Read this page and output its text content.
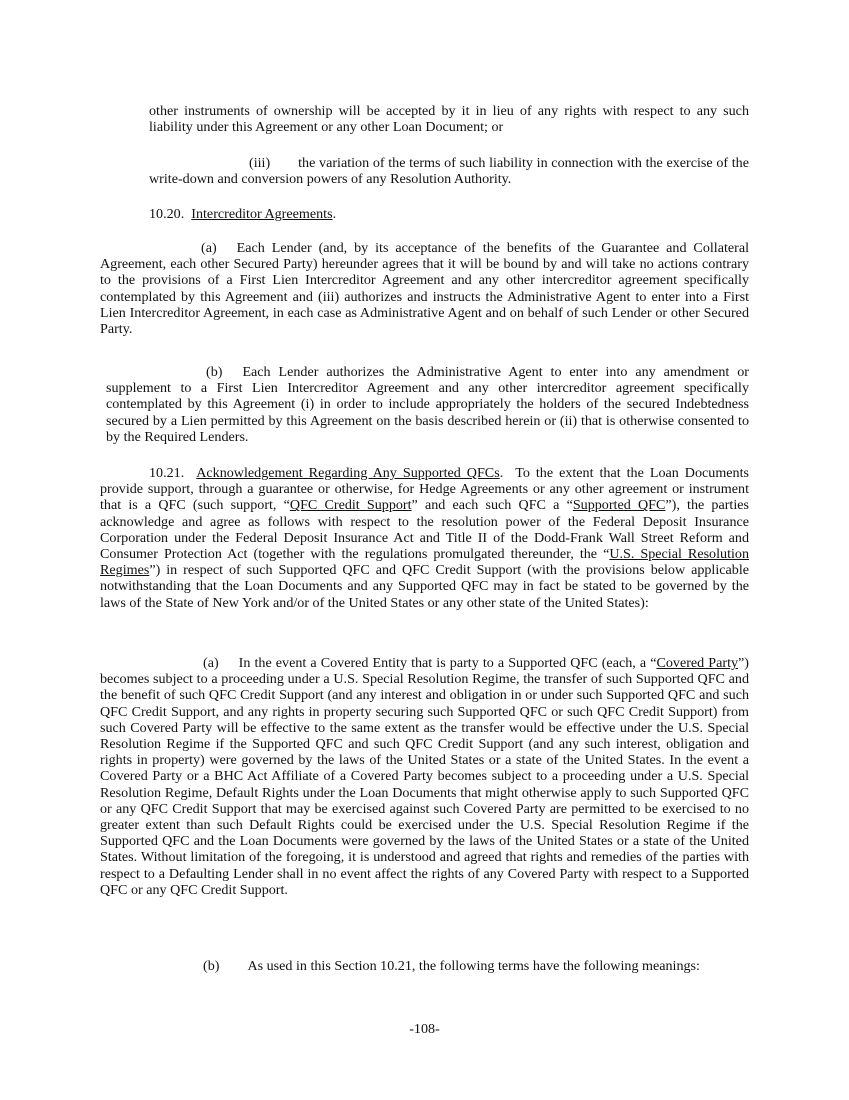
other instruments of ownership will be accepted by it in lieu of any rights with respect to any such liability under this Agreement or any other Loan Document; or

(iii) the variation of the terms of such liability in connection with the exercise of the write-down and conversion powers of any Resolution Authority.

10.20. Intercreditor Agreements.

(a) Each Lender (and, by its acceptance of the benefits of the Guarantee and Collateral Agreement, each other Secured Party) hereunder agrees that it will be bound by and will take no actions contrary to the provisions of a First Lien Intercreditor Agreement and any other intercreditor agreement specifically contemplated by this Agreement and (iii) authorizes and instructs the Administrative Agent to enter into a First Lien Intercreditor Agreement, in each case as Administrative Agent and on behalf of such Lender or other Secured Party.

(b) Each Lender authorizes the Administrative Agent to enter into any amendment or supplement to a First Lien Intercreditor Agreement and any other intercreditor agreement specifically contemplated by this Agreement (i) in order to include appropriately the holders of the secured Indebtedness secured by a Lien permitted by this Agreement on the basis described herein or (ii) that is otherwise consented to by the Required Lenders.

10.21. Acknowledgement Regarding Any Supported QFCs. To the extent that the Loan Documents provide support, through a guarantee or otherwise, for Hedge Agreements or any other agreement or instrument that is a QFC (such support, “QFC Credit Support” and each such QFC a “Supported QFC”), the parties acknowledge and agree as follows with respect to the resolution power of the Federal Deposit Insurance Corporation under the Federal Deposit Insurance Act and Title II of the Dodd-Frank Wall Street Reform and Consumer Protection Act (together with the regulations promulgated thereunder, the “U.S. Special Resolution Regimes”) in respect of such Supported QFC and QFC Credit Support (with the provisions below applicable notwithstanding that the Loan Documents and any Supported QFC may in fact be stated to be governed by the laws of the State of New York and/or of the United States or any other state of the United States):

(a) In the event a Covered Entity that is party to a Supported QFC (each, a “Covered Party”) becomes subject to a proceeding under a U.S. Special Resolution Regime, the transfer of such Supported QFC and the benefit of such QFC Credit Support (and any interest and obligation in or under such Supported QFC and such QFC Credit Support, and any rights in property securing such Supported QFC or such QFC Credit Support) from such Covered Party will be effective to the same extent as the transfer would be effective under the U.S. Special Resolution Regime if the Supported QFC and such QFC Credit Support (and any such interest, obligation and rights in property) were governed by the laws of the United States or a state of the United States. In the event a Covered Party or a BHC Act Affiliate of a Covered Party becomes subject to a proceeding under a U.S. Special Resolution Regime, Default Rights under the Loan Documents that might otherwise apply to such Supported QFC or any QFC Credit Support that may be exercised against such Covered Party are permitted to be exercised to no greater extent than such Default Rights could be exercised under the U.S. Special Resolution Regime if the Supported QFC and the Loan Documents were governed by the laws of the United States or a state of the United States. Without limitation of the foregoing, it is understood and agreed that rights and remedies of the parties with respect to a Defaulting Lender shall in no event affect the rights of any Covered Party with respect to a Supported QFC or any QFC Credit Support.

(b) As used in this Section 10.21, the following terms have the following meanings:

-108-
